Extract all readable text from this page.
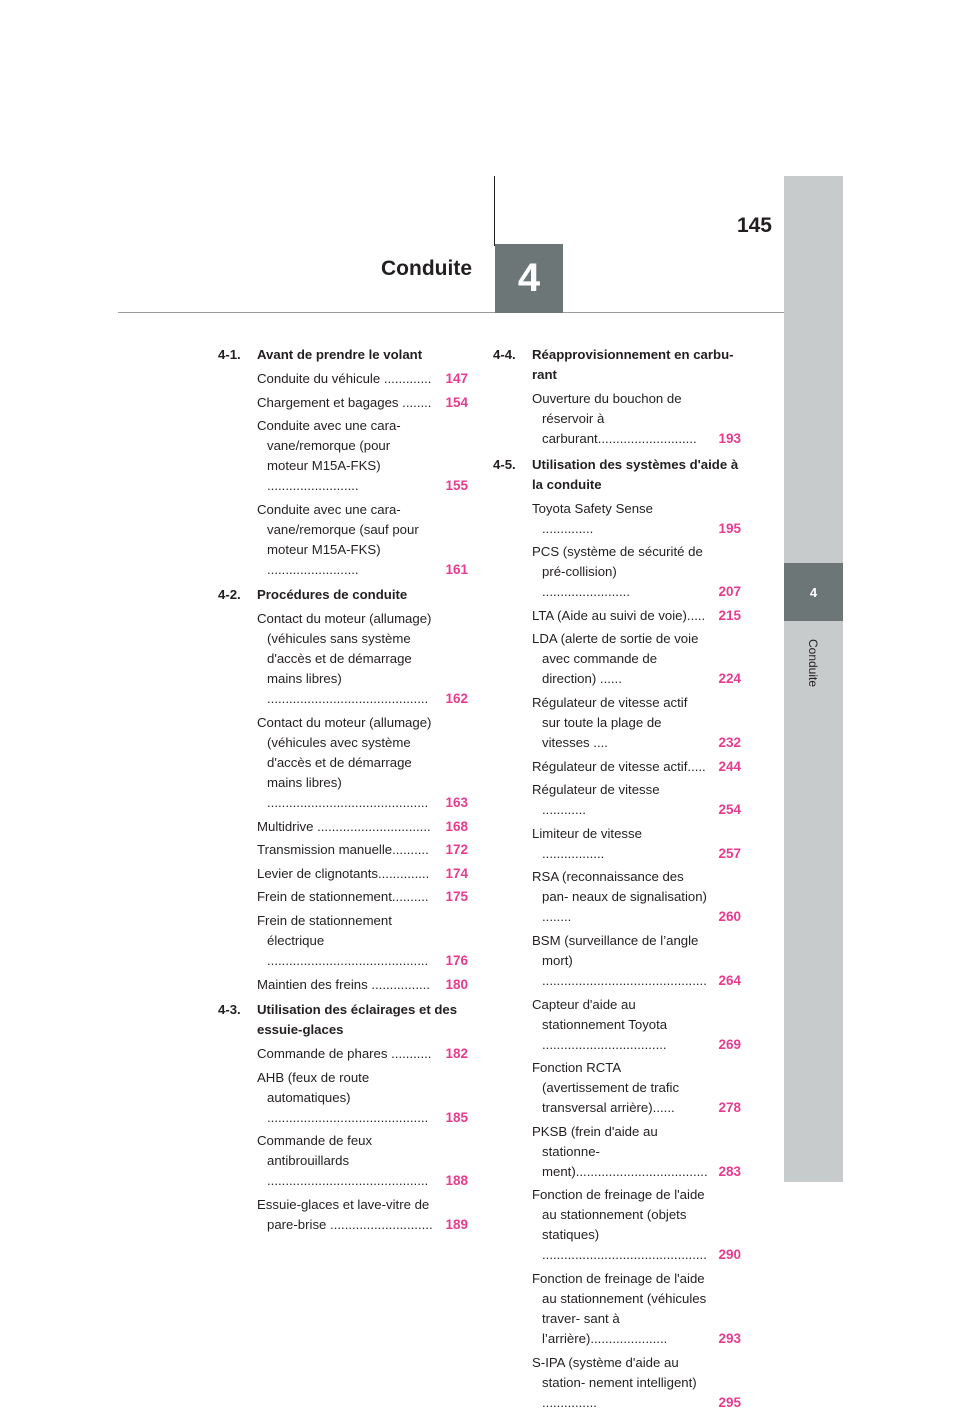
145
Conduite	4
4
Conduite
4-1.	Avant de prendre le volant
Conduite du véhicule .............	147
Chargement et bagages ........	154
Conduite avec une cara- vane/remorque (pour moteur M15A-FKS) .........................	155
Conduite avec une cara- vane/remorque (sauf pour moteur M15A-FKS) .........................	161
4-2.	Procédures de conduite
Contact du moteur (allumage) (véhicules sans système d'accès et de démarrage mains libres) ............................................	162
Contact du moteur (allumage) (véhicules avec système d'accès et de démarrage mains libres) ............................................	163
Multidrive ...............................	168
Transmission manuelle..........	172
Levier de clignotants..............	174
Frein de stationnement..........	175
Frein de stationnement électrique ............................................	176
Maintien des freins ................	180
4-3.	Utilisation des éclairages et des essuie-glaces
Commande de phares ...........	182
AHB (feux de route automatiques) ............................................	185
Commande de feux antibrouillards ............................................	188
Essuie-glaces et lave-vitre de pare-brise ............................ 189
4-4.	Réapprovisionnement en carbu- rant
Ouverture du bouchon de réservoir à carburant...........................	193
4-5.	Utilisation des systèmes d'aide à la conduite
Toyota Safety Sense ..............	195
PCS (système de sécurité de pré-collision) ........................	207
LTA (Aide au suivi de voie)..... 215
LDA (alerte de sortie de voie avec commande de direction) ......	224
Régulateur de vitesse actif sur toute la plage de vitesses ....	232
Régulateur de vitesse actif..... 244
Régulateur de vitesse ............	254
Limiteur de vitesse .................	257
RSA (reconnaissance des pan- neaux de signalisation) ........	260
BSM (surveillance de l’angle mort) ............................................. 264
Capteur d'aide au stationnement Toyota ..................................	269
Fonction RCTA (avertissement de trafic transversal arrière)......	278
PKSB (frein d'aide au stationne- ment).................................... 283
Fonction de freinage de l'aide au stationnement (objets statiques) ............................................. 290
Fonction de freinage de l'aide au stationnement (véhicules traver- sant à l’arrière).....................	293
S-IPA (système d'aide au station- nement intelligent) ...............	295
